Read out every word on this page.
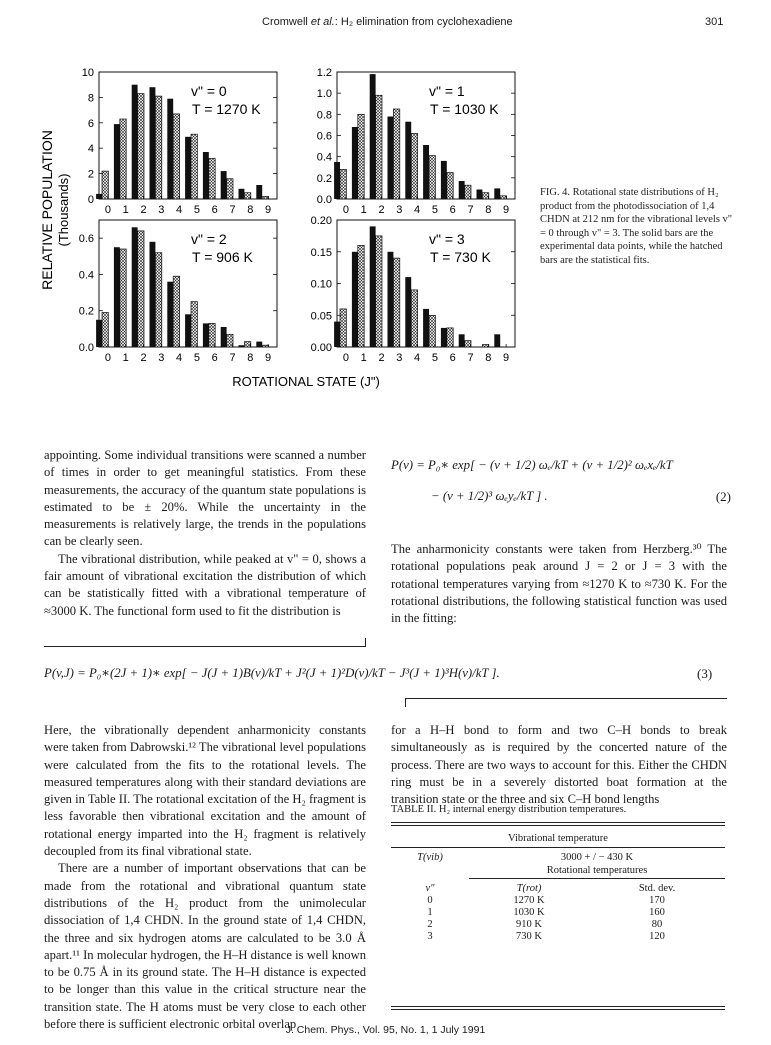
Cromwell et al.: H₂ elimination from cyclohexadiene	301
0 1 2 3 4 5 6 7 8 9
0
2
4
6
8
10
v" = 0
T = 1270 K
0 1 2 3 4 5 6 7 8 9
0.0
0.2
0.4
0.6
0.8
1.0
1.2
v" = 1
T = 1030 K
0 1 2 3 4 5 6 7 8 9
0.0
0.2
0.4
0.6	v" = 2
T = 906 K
0 1 2 3 4 5 6 7 8 9
0.00
0.05
0.10
0.15
0.20
v" = 3
T = 730 K
RELATIVE POPULATION (Thousands)
ROTATIONAL STATE (J")
FIG. 4. Rotational state distributions of H₂ product from the photodissociation of 1,4 CHDN at 212 nm for the vibrational levels v" = 0 through v" = 3. The solid bars are the experimental data points, while the hatched bars are the statistical fits.

appointing. Some individual transitions were scanned a number of times in order to get meaningful statistics. From these measurements, the accuracy of the quantum state populations is estimated to be ± 20%. While the uncertainty in the measurements is relatively large, the trends in the populations can be clearly seen.

The vibrational distribution, while peaked at v" = 0, shows a fair amount of vibrational excitation the distribution of which can be statistically fitted with a vibrational temperature of ≈3000 K. The functional form used to fit the distribution is

P(v) = P₀∗ exp[ − (v + 1/2) ωₑ/kT + (v + 1/2)² ωₑxₑ/kT
− (v + 1/2)³ ωₑyₑ/kT ] .	(2)

The anharmonicity constants were taken from Herzberg.³⁰ The rotational populations peak around J = 2 or J = 3 with the rotational temperatures varying from ≈1270 K to ≈730 K. For the rotational distributions, the following statistical function was used in the fitting:

P(v,J) = P₀∗(2J + 1)∗ exp[ − J(J + 1)B(v)/kT + J²(J + 1)²D(v)/kT − J³(J + 1)³H(v)/kT ].	(3)

Here, the vibrationally dependent anharmonicity constants were taken from Dabrowski.¹² The vibrational level populations were calculated from the fits to the rotational levels. The measured temperatures along with their standard deviations are given in Table II. The rotational excitation of the H₂ fragment is less favorable then vibrational excitation and the amount of rotational energy imparted into the H₂ fragment is relatively decoupled from its final vibrational state.

There are a number of important observations that can be made from the rotational and vibrational quantum state distributions of the H₂ product from the unimolecular dissociation of 1,4 CHDN. In the ground state of 1,4 CHDN, the three and six hydrogen atoms are calculated to be 3.0 Å apart.¹¹ In molecular hydrogen, the H–H distance is well known to be 0.75 Å in its ground state. The H–H distance is expected to be longer than this value in the critical structure near the transition state. The H atoms must be very close to each other before there is sufficient electronic orbital overlap

for a H–H bond to form and two C–H bonds to break simultaneously as is required by the concerted nature of the process. There are two ways to account for this. Either the CHDN ring must be in a severely distorted boat formation at the transition state or the three and six C–H bond lengths

TABLE II. H₂ internal energy distribution temperatures.
Vibrational temperature		
T(vib)	3000 + / − 430 K	
	Rotational temperatures	
v"	T(rot)	Std. dev.
0	1270 K	170
1	1030 K	160
2	910 K	80
3	730 K	120
J. Chem. Phys., Vol. 95, No. 1, 1 July 1991
